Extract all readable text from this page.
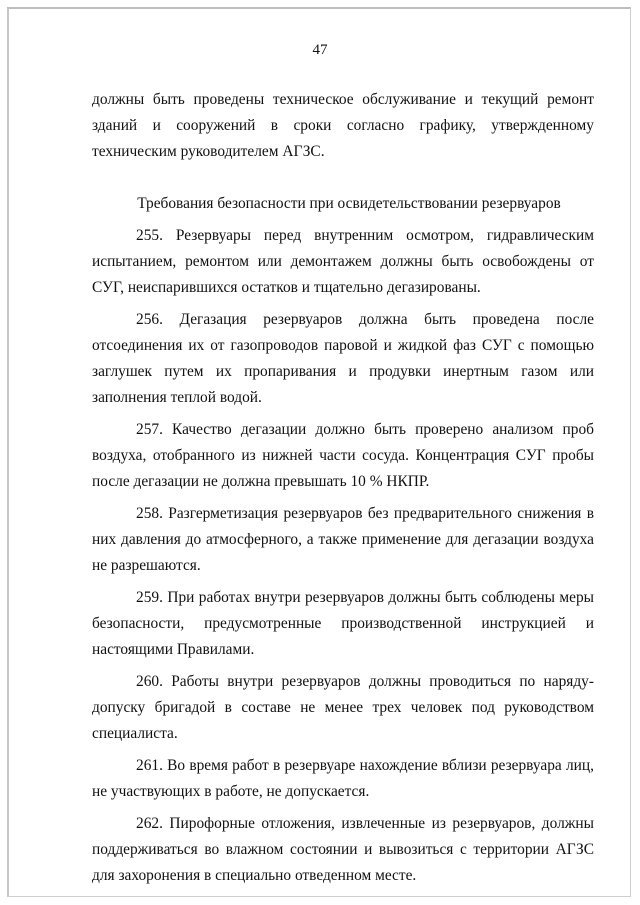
47

должны быть проведены техническое обслуживание и текущий ремонт зданий и сооружений в сроки согласно графику, утвержденному техническим руководителем АГЗС.

Требования безопасности при освидетельствовании резервуаров

255. Резервуары перед внутренним осмотром, гидравлическим испытанием, ремонтом или демонтажем должны быть освобождены от СУГ, неиспарившихся остатков и тщательно дегазированы.

256. Дегазация резервуаров должна быть проведена после отсоединения их от газопроводов паровой и жидкой фаз СУГ с помощью заглушек путем их пропаривания и продувки инертным газом или заполнения теплой водой.

257. Качество дегазации должно быть проверено анализом проб воздуха, отобранного из нижней части сосуда. Концентрация СУГ пробы после дегазации не должна превышать 10 % НКПР.

258. Разгерметизация резервуаров без предварительного снижения в них давления до атмосферного, а также применение для дегазации воздуха не разрешаются.

259. При работах внутри резервуаров должны быть соблюдены меры безопасности, предусмотренные производственной инструкцией и настоящими Правилами.

260. Работы внутри резервуаров должны проводиться по наряду-допуску бригадой в составе не менее трех человек под руководством специалиста.

261. Во время работ в резервуаре нахождение вблизи резервуара лиц, не участвующих в работе, не допускается.

262. Пирофорные отложения, извлеченные из резервуаров, должны поддерживаться во влажном состоянии и вывозиться с территории АГЗС для захоронения в специально отведенном месте.
